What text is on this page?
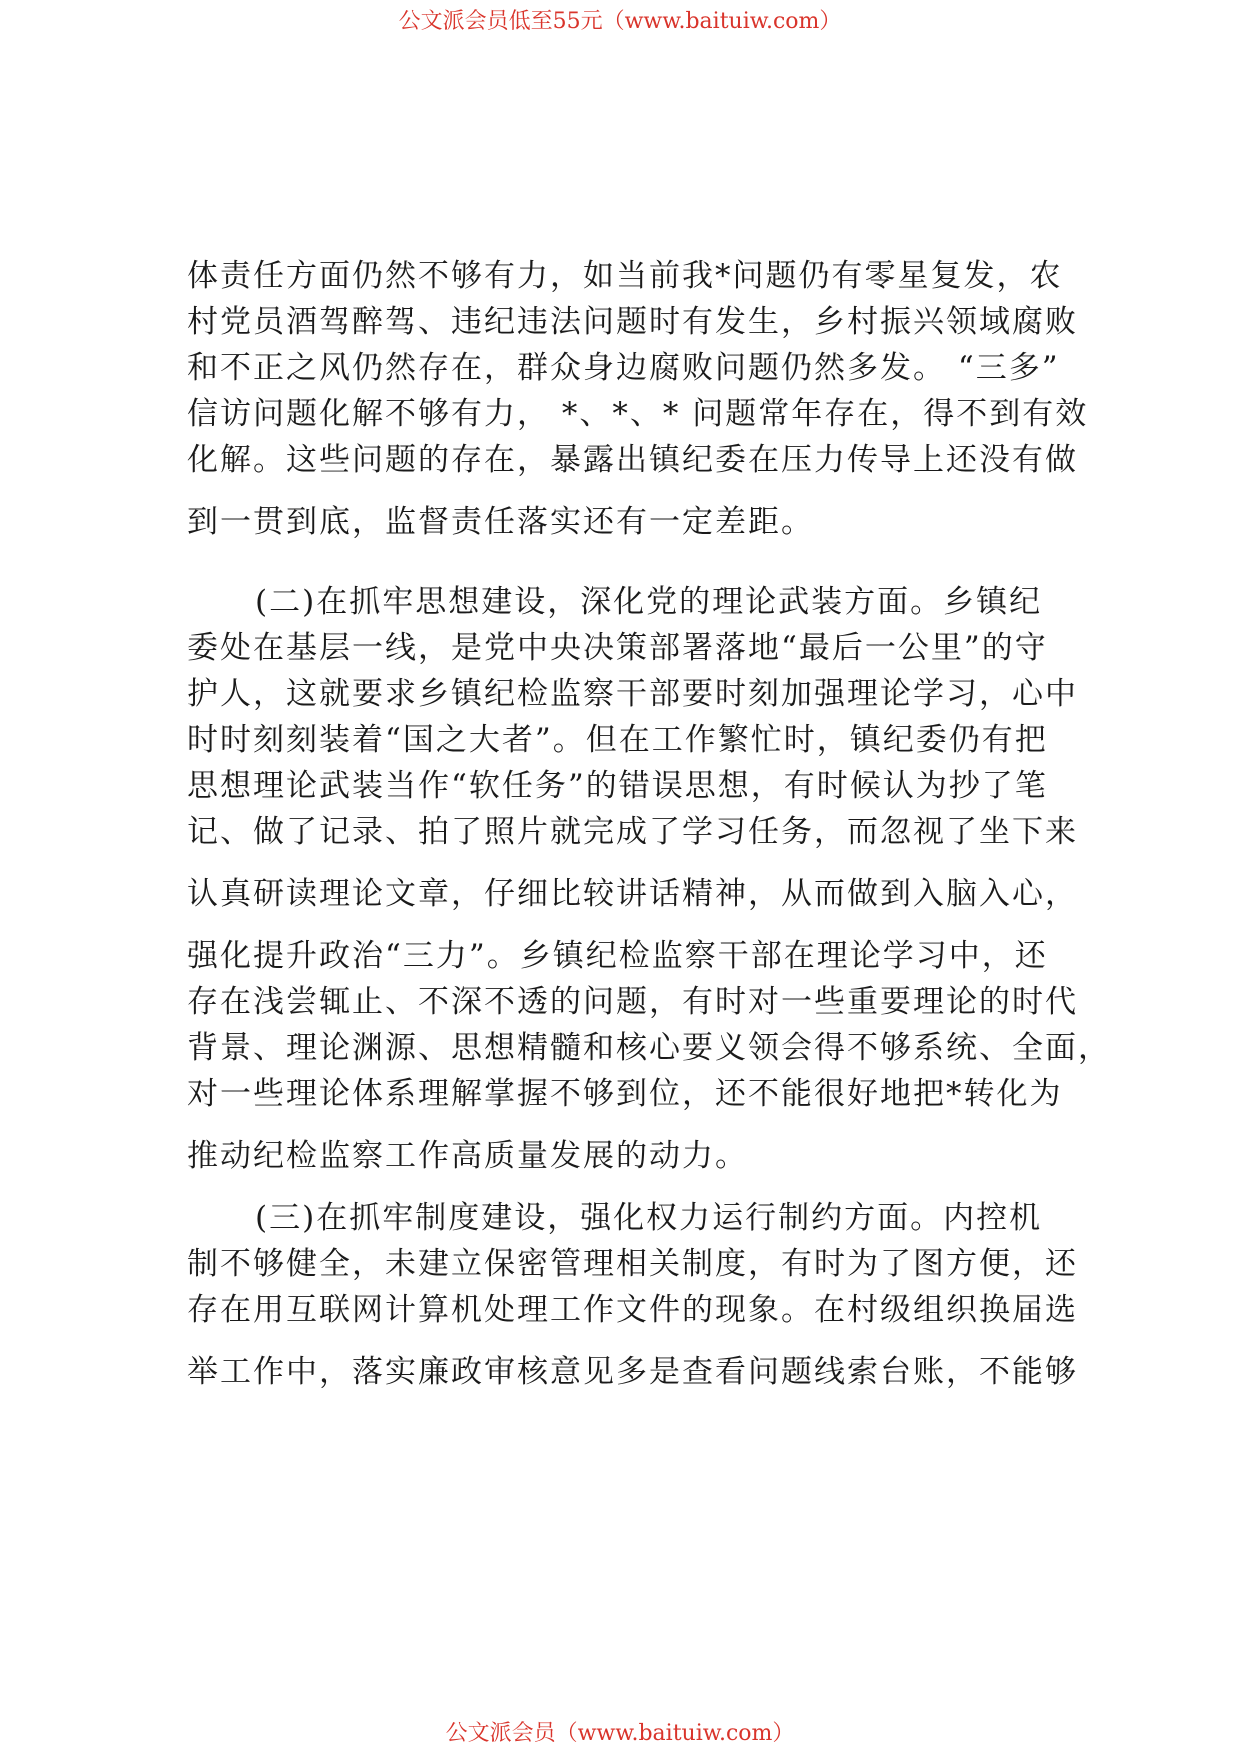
公文派会员低至55元（www.baituiw.com）
体责任方面仍然不够有力，如当前我*问题仍有零星复发，农
村党员酒驾醉驾、违纪违法问题时有发生，乡村振兴领域腐败
和不正之风仍然存在，群众身边腐败问题仍然多发。 “三多”
信访问题化解不够有力， *、*、* 问题常年存在，得不到有效
化解。这些问题的存在，暴露出镇纪委在压力传导上还没有做
到一贯到底，监督责任落实还有一定差距。
(二)在抓牢思想建设，深化党的理论武装方面。乡镇纪
委处在基层一线，是党中央决策部署落地“最后一公里”的守
护人，这就要求乡镇纪检监察干部要时刻加强理论学习，心中
时时刻刻装着“国之大者”。但在工作繁忙时，镇纪委仍有把
思想理论武装当作“软任务”的错误思想，有时候认为抄了笔
记、做了记录、拍了照片就完成了学习任务，而忽视了坐下来
认真研读理论文章，仔细比较讲话精神，从而做到入脑入心，
强化提升政治“三力”。乡镇纪检监察干部在理论学习中，还
存在浅尝辄止、不深不透的问题，有时对一些重要理论的时代
背景、理论渊源、思想精髓和核心要义领会得不够系统、全面，
对一些理论体系理解掌握不够到位，还不能很好地把*转化为
推动纪检监察工作高质量发展的动力。
(三)在抓牢制度建设，强化权力运行制约方面。内控机
制不够健全，未建立保密管理相关制度，有时为了图方便，还
存在用互联网计算机处理工作文件的现象。在村级组织换届选
举工作中，落实廉政审核意见多是查看问题线索台账，不能够
公文派会员（www.baituiw.com）
